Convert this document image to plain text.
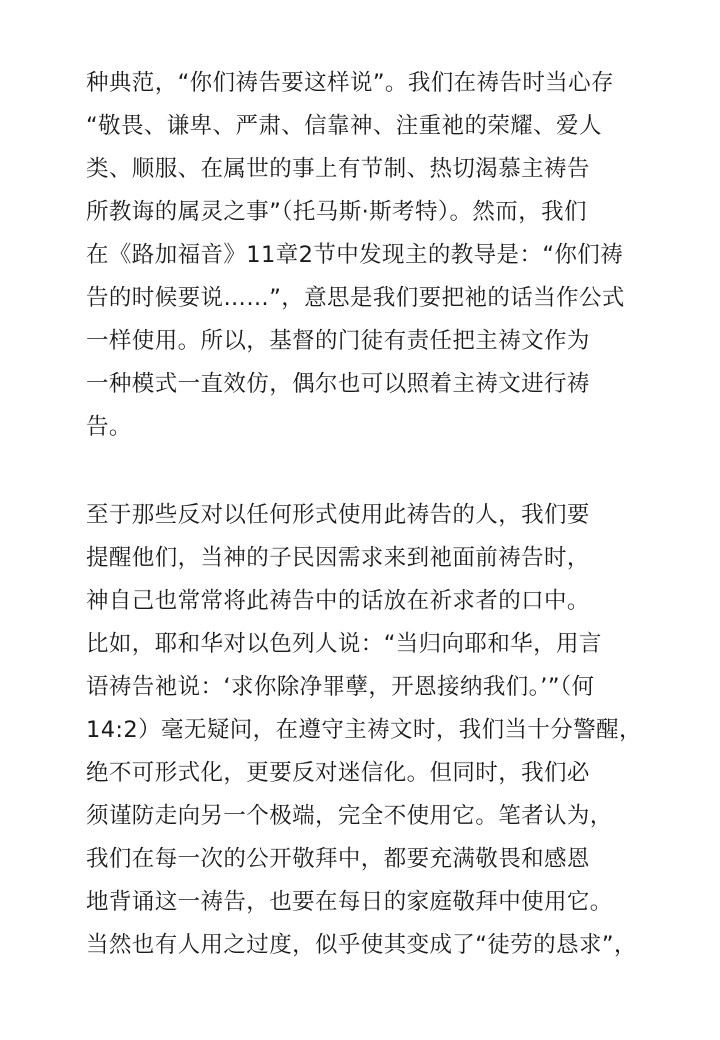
种典范，“你们祷告要这样说”。我们在祷告时当心存
“敬畏、谦卑、严肃、信靠神、注重祂的荣耀、爱人
类、顺服、在属世的事上有节制、热切渴慕主祷告
所教诲的属灵之事”（托马斯·斯考特）。然而，我们
在《路加福音》11章2节中发现主的教导是：“你们祷
告的时候要说……”，意思是我们要把祂的话当作公式
一样使用。所以，基督的门徒有责任把主祷文作为
一种模式一直效仿，偶尔也可以照着主祷文进行祷
告。
至于那些反对以任何形式使用此祷告的人，我们要
提醒他们，当神的子民因需求来到祂面前祷告时，
神自己也常常将此祷告中的话放在祈求者的口中。
比如，耶和华对以色列人说：“当归向耶和华，用言
语祷告祂说：‘求你除净罪孽，开恩接纳我们。’”（何
14:2）毫无疑问，在遵守主祷文时，我们当十分警醒，
绝不可形式化，更要反对迷信化。但同时，我们必
须谨防走向另一个极端，完全不使用它。笔者认为，
我们在每一次的公开敬拜中，都要充满敬畏和感恩
地背诵这一祷告，也要在每日的家庭敬拜中使用它。
当然也有人用之过度，似乎使其变成了“徒劳的恳求”，
